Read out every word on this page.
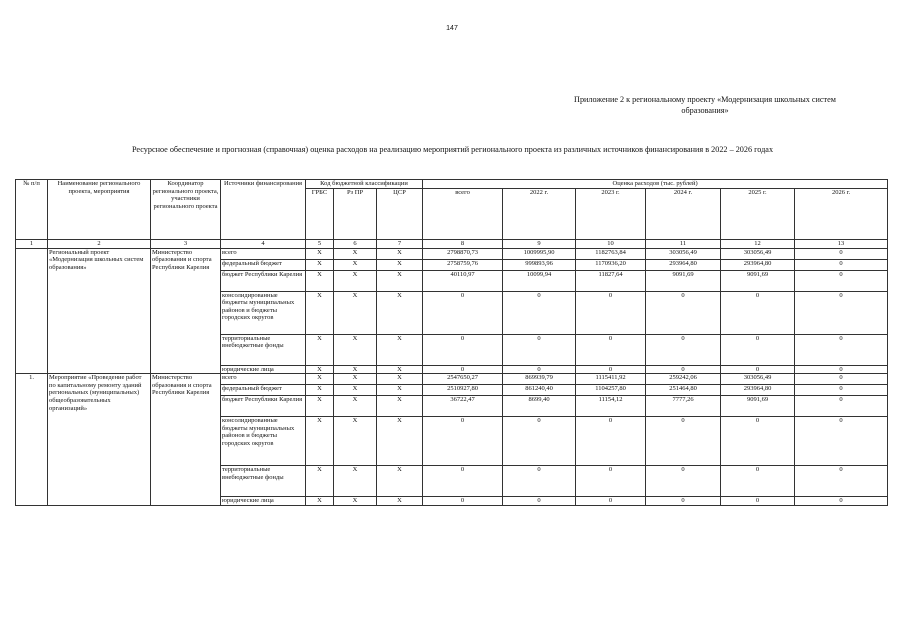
147
Приложение 2 к региональному проекту «Модернизация школьных систем
образования»
Ресурсное обеспечение и прогнозная (справочная) оценка расходов на реализацию мероприятий регионального проекта из различных источников финансирования в 2022 – 2026 годах
№ п/п	Наименование регионального проекта, мероприятия	Координатор регионального проекта, участники регионального проекта	Источники финансирования	Код бюджетной классификации			Оценка расходов (тыс. рублей)					
				ГРБС	Рз ПР	ЦСР	всего	2022 г.	2023 г.	2024 г.	2025 г.	2026 г.
1	2	3	4	5	6	7	8	9	10	11	12	13
	Региональный проект «Модернизация школьных систем образования»	Министерство образования и спорта Республики Карелия	всего	X	X	X	2798870,73	1009995,90	1182763,84	303056,49	303056,49	0
			федеральный бюджет	X	X	X	2758759,76	999893,96	1170936,20	293964,80	293964,80	0
			бюджет Республики Карелия	X	X	X	40110,97	10099,94	11827,64	9091,69	9091,69	0
			консолидированные бюджеты муниципальных районов и бюджеты городских округов	X	X	X	0	0	0	0	0	0
			территориальные внебюджетные фонды	X	X	X	0	0	0	0	0	0
			юридические лица	X	X	X	0	0	0	0	0	0
1.	Мероприятие «Проведение работ по капитальному ремонту зданий региональных (муниципальных) общеобразовательных организаций»	Министерство образования и спорта Республики Карелия	всего	X	X	X	2547650,27	869939,79	1115411,92	259242,06	303056,49	0
			федеральный бюджет	X	X	X	2510927,80	861240,40	1104257,80	251464,80	293964,80	0
			бюджет Республики Карелия	X	X	X	36722,47	8699,40	11154,12	7777,26	9091,69	0
			консолидированные бюджеты муниципальных районов и бюджеты городских округов	X	X	X	0	0	0	0	0	0
			территориальные внебюджетные фонды	X	X	X	0	0	0	0	0	0
			юридические лица	X	X	X	0	0	0	0	0	0
